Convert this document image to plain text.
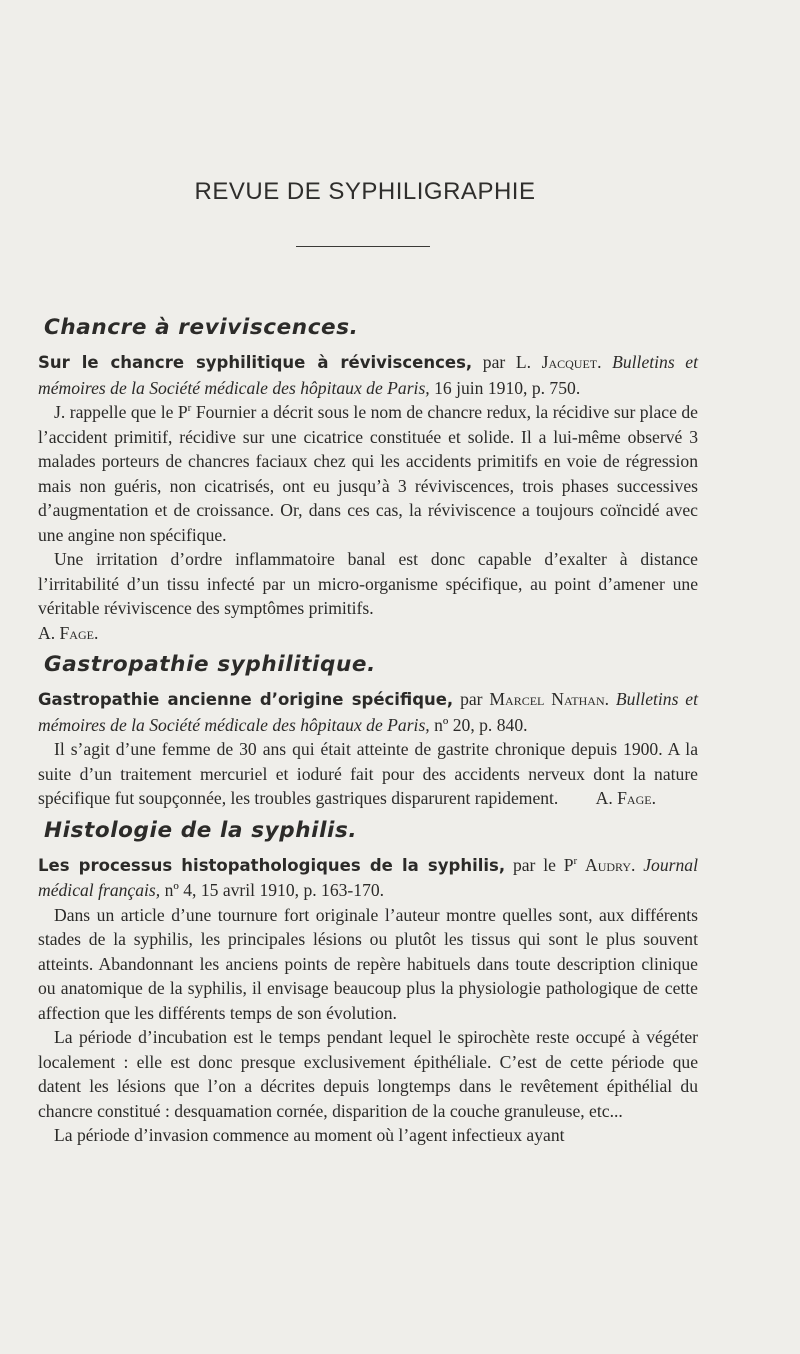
REVUE DE SYPHILIGRAPHIE
Chancre à reviviscences.

Sur le chancre syphilitique à réviviscences, par L. Jacquet. Bulletins et mémoires de la Société médicale des hôpitaux de Paris, 16 juin 1910, p. 750.

J. rappelle que le $P^r$ Fournier a décrit sous le nom de chancre redux, la récidive sur place de l’accident primitif, récidive sur une cicatrice constituée et solide. Il a lui-même observé 3 malades porteurs de chancres faciaux chez qui les accidents primitifs en voie de régression mais non guéris, non cicatrisés, ont eu jusqu’à 3 réviviscences, trois phases successives d’augmentation et de croissance. Or, dans ces cas, la réviviscence a toujours coïncidé avec une angine non spécifique.

Une irritation d’ordre inflammatoire banal est donc capable d’exalter à distance l’irritabilité d’un tissu infecté par un micro-organisme spécifique, au point d’amener une véritable réviviscence des symptômes primitifs.

A. Fage.

Gastropathie syphilitique.

Gastropathie ancienne d’origine spécifique, par Marcel Nathan. Bulletins et mémoires de la Société médicale des hôpitaux de Paris, nº 20, p. 840.

Il s’agit d’une femme de 30 ans qui était atteinte de gastrite chronique depuis 1900. A la suite d’un traitement mercuriel et ioduré fait pour des accidents nerveux dont la nature spécifique fut soupçonnée, les troubles gastriques disparurent rapidement.	A. Fage.

Histologie de la syphilis.

Les processus histopathologiques de la syphilis, par le $P^r$ Audry. Journal médical français, nº 4, 15 avril 1910, p. 163-170.

Dans un article d’une tournure fort originale l’auteur montre quelles sont, aux différents stades de la syphilis, les principales lésions ou plutôt les tissus qui sont le plus souvent atteints. Abandonnant les anciens points de repère habituels dans toute description clinique ou anatomique de la syphilis, il envisage beaucoup plus la physiologie pathologique de cette affection que les différents temps de son évolution.

La période d’incubation est le temps pendant lequel le spirochète reste occupé à végéter localement : elle est donc presque exclusivement épithéliale. C’est de cette période que datent les lésions que l’on a décrites depuis longtemps dans le revêtement épithélial du chancre constitué : desquamation cornée, disparition de la couche granuleuse, etc...

La période d’invasion commence au moment où l’agent infectieux ayant
